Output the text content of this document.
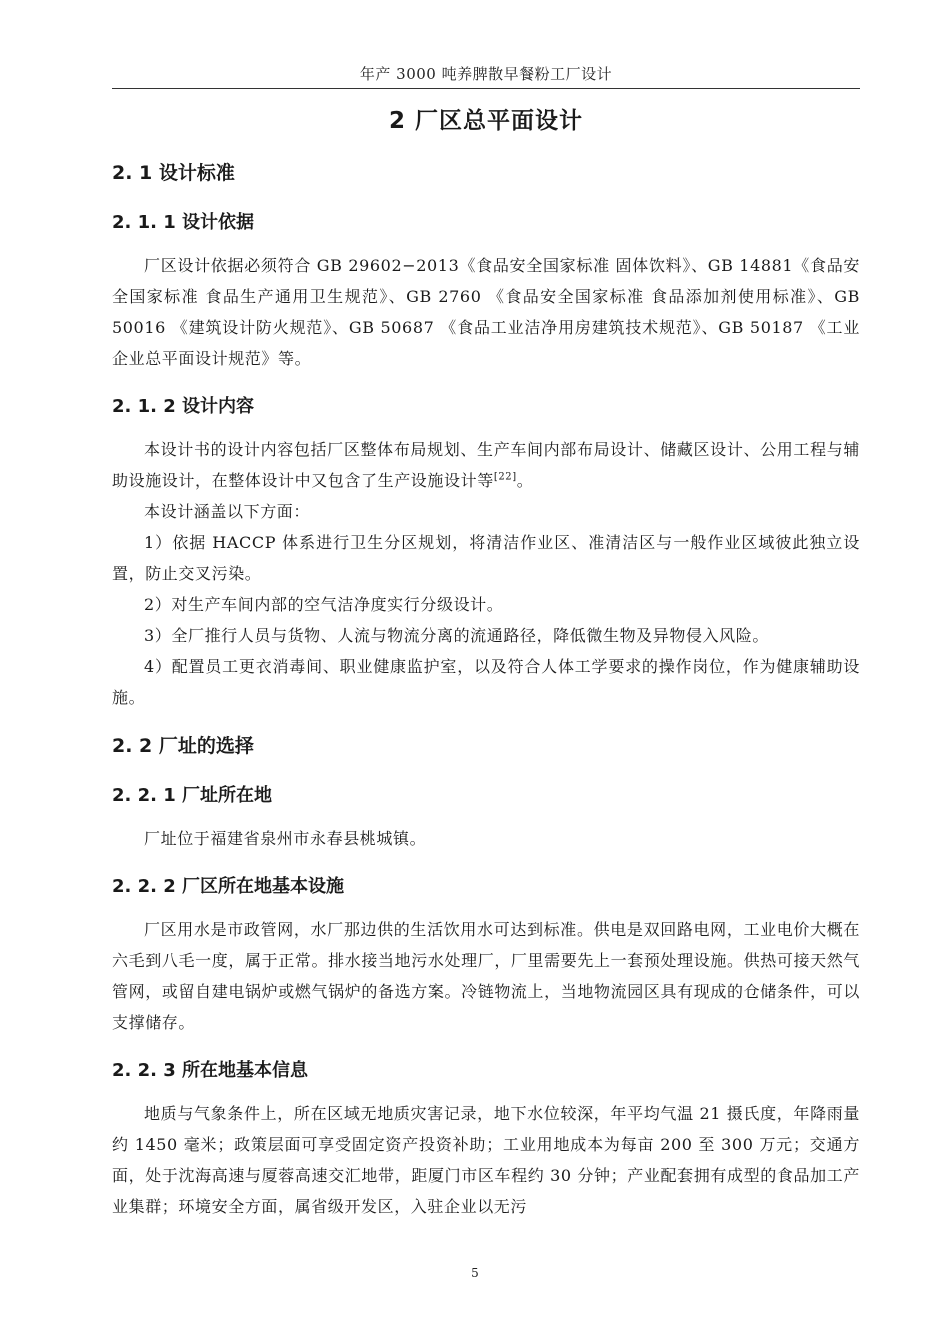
年产 3000 吨养脾散早餐粉工厂设计
2 厂区总平面设计
2. 1 设计标准
2. 1. 1 设计依据

厂区设计依据必须符合 GB 29602−2013《食品安全国家标准 固体饮料》、GB 14881《食品安全国家标准 食品生产通用卫生规范》、GB 2760 《食品安全国家标准 食品添加剂使用标准》、GB 50016 《建筑设计防火规范》、GB 50687 《食品工业洁净用房建筑技术规范》、GB 50187 《工业企业总平面设计规范》等。

2. 1. 2 设计内容

本设计书的设计内容包括厂区整体布局规划、生产车间内部布局设计、储藏区设计、公用工程与辅助设施设计，在整体设计中又包含了生产设施设计等[22]。

本设计涵盖以下方面：

1）依据 HACCP 体系进行卫生分区规划，将清洁作业区、准清洁区与一般作业区域彼此独立设置，防止交叉污染。

2）对生产车间内部的空气洁净度实行分级设计。

3）全厂推行人员与货物、人流与物流分离的流通路径，降低微生物及异物侵入风险。

4）配置员工更衣消毒间、职业健康监护室，以及符合人体工学要求的操作岗位，作为健康辅助设施。

2. 2 厂址的选择
2. 2. 1 厂址所在地

厂址位于福建省泉州市永春县桃城镇。

2. 2. 2 厂区所在地基本设施

厂区用水是市政管网，水厂那边供的生活饮用水可达到标准。供电是双回路电网，工业电价大概在六毛到八毛一度，属于正常。排水接当地污水处理厂，厂里需要先上一套预处理设施。供热可接天然气管网，或留自建电锅炉或燃气锅炉的备选方案。冷链物流上，当地物流园区具有现成的仓储条件，可以支撑储存。

2. 2. 3 所在地基本信息

地质与气象条件上，所在区域无地质灾害记录，地下水位较深，年平均气温 21 摄氏度，年降雨量约 1450 毫米；政策层面可享受固定资产投资补助；工业用地成本为每亩 200 至 300 万元；交通方面，处于沈海高速与厦蓉高速交汇地带，距厦门市区车程约 30 分钟；产业配套拥有成型的食品加工产业集群；环境安全方面，属省级开发区，入驻企业以无污

5
